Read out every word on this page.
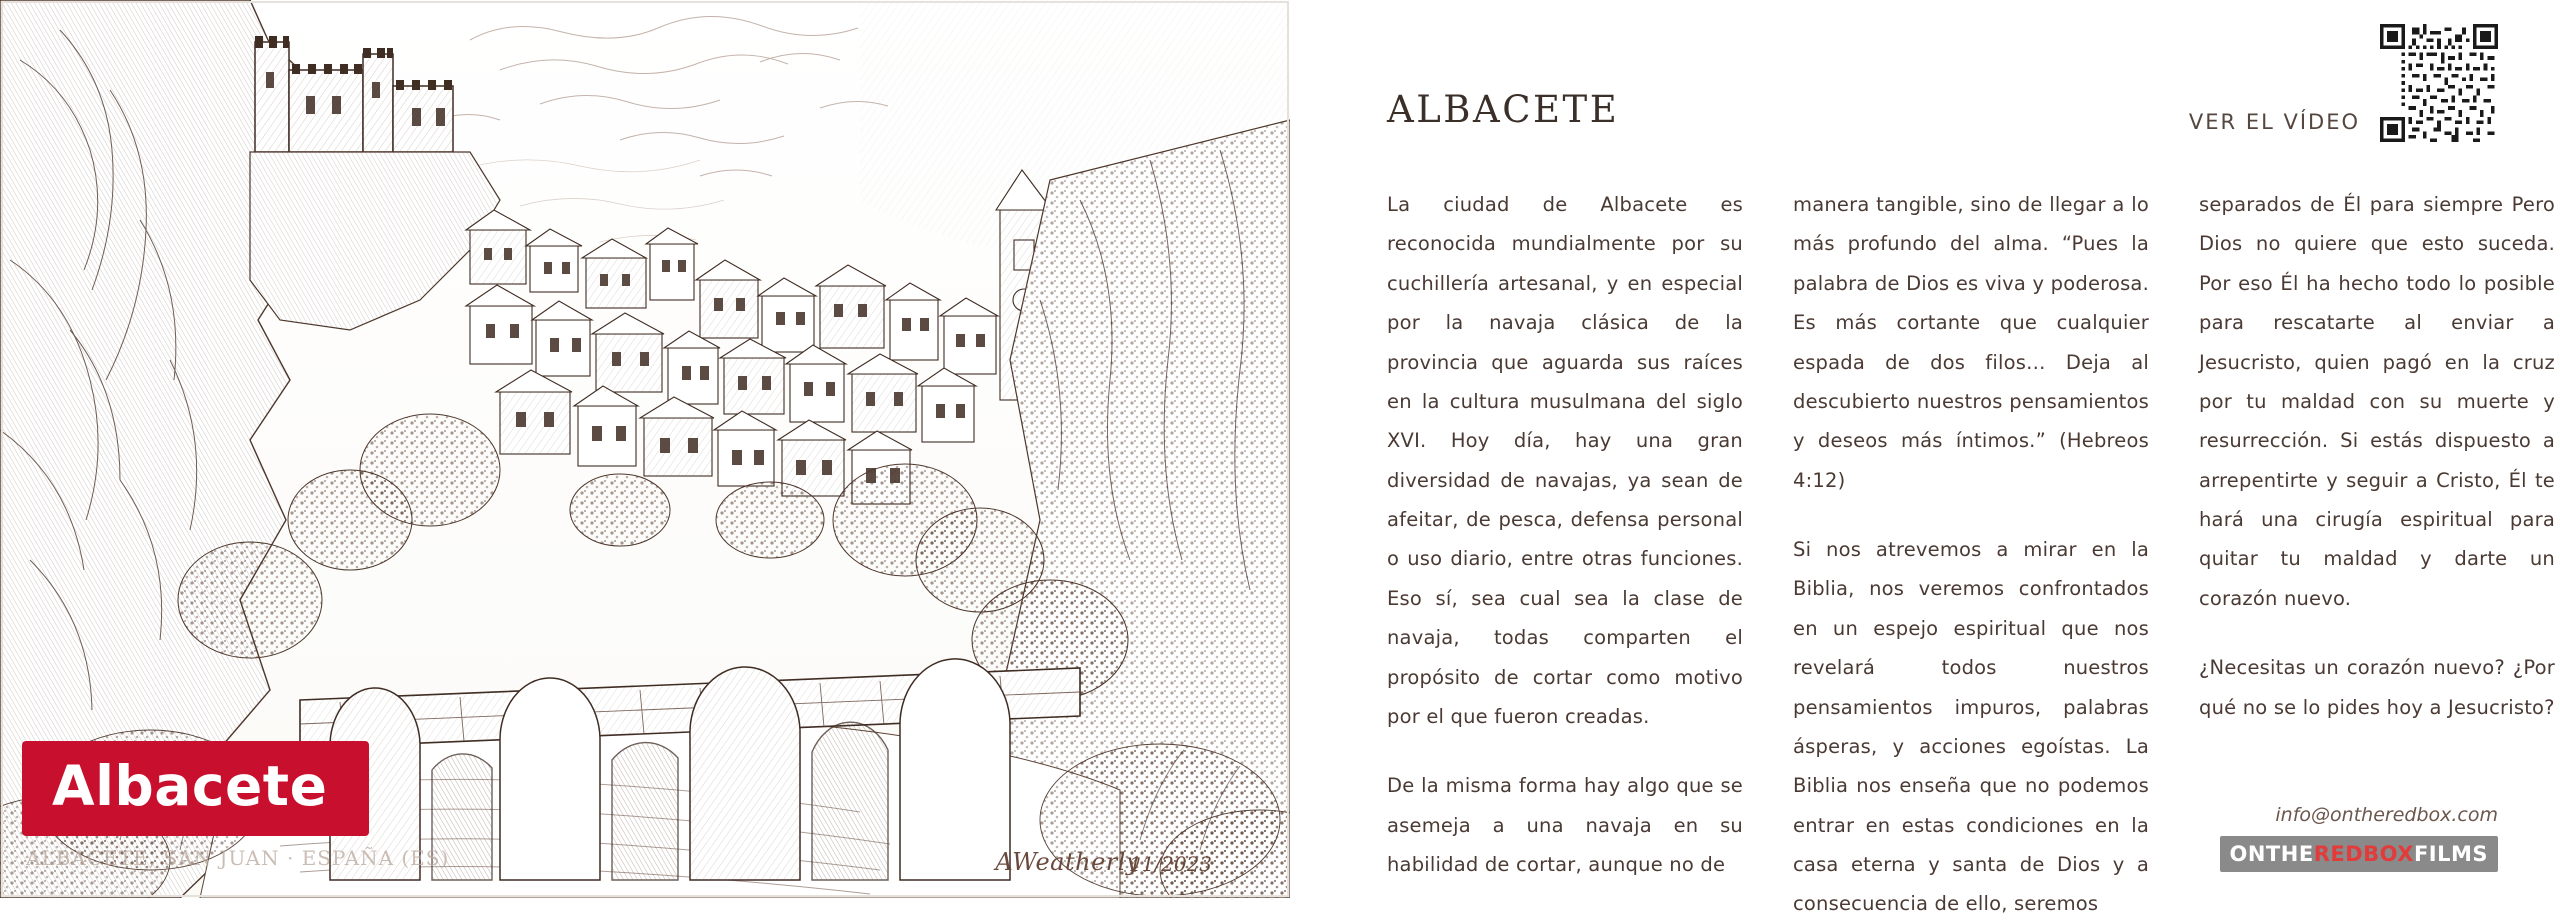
Albacete
ALBACETE, SAN JUAN · ESPAÑA (ES)	AWeatherly
11/2023
ALBACETE	VER EL VÍDEO

La ciudad de Albacete es reconocida mundialmente por su cuchillería artesanal, y en especial por la navaja clásica de la provincia que aguarda sus raíces en la cultura musulmana del siglo XVI. Hoy día, hay una gran diversidad de navajas, ya sean de afeitar, de pesca, defensa personal o uso diario, entre otras funciones. Eso sí, sea cual sea la clase de navaja, todas comparten el propósito de cortar como motivo por el que fueron creadas.

De la misma forma hay algo que se asemeja a una navaja en su habilidad de cortar, aunque no de

manera tangible, sino de llegar a lo más profundo del alma. “Pues la palabra de Dios es viva y poderosa. Es más cortante que cualquier espada de dos filos… Deja al descubierto nuestros pensamientos y deseos más íntimos.” (Hebreos 4:12)

Si nos atrevemos a mirar en la Biblia, nos veremos confrontados en un espejo espiritual que nos revelará todos nuestros pensamientos impuros, palabras ásperas, y acciones egoístas. La Biblia nos enseña que no podemos entrar en estas condiciones en la casa eterna y santa de Dios y a consecuencia de ello, seremos

separados de Él para siempre Pero Dios no quiere que esto suceda. Por eso Él ha hecho todo lo posible para rescatarte al enviar a Jesucristo, quien pagó en la cruz por tu maldad con su muerte y resurrección. Si estás dispuesto a arrepentirte y seguir a Cristo, Él te hará una cirugía espiritual para quitar tu maldad y darte un corazón nuevo.

¿Necesitas un corazón nuevo? ¿Por qué no se lo pides hoy a Jesucristo?

info@ontheredbox.com
ONTHEREDBOXFILMS
